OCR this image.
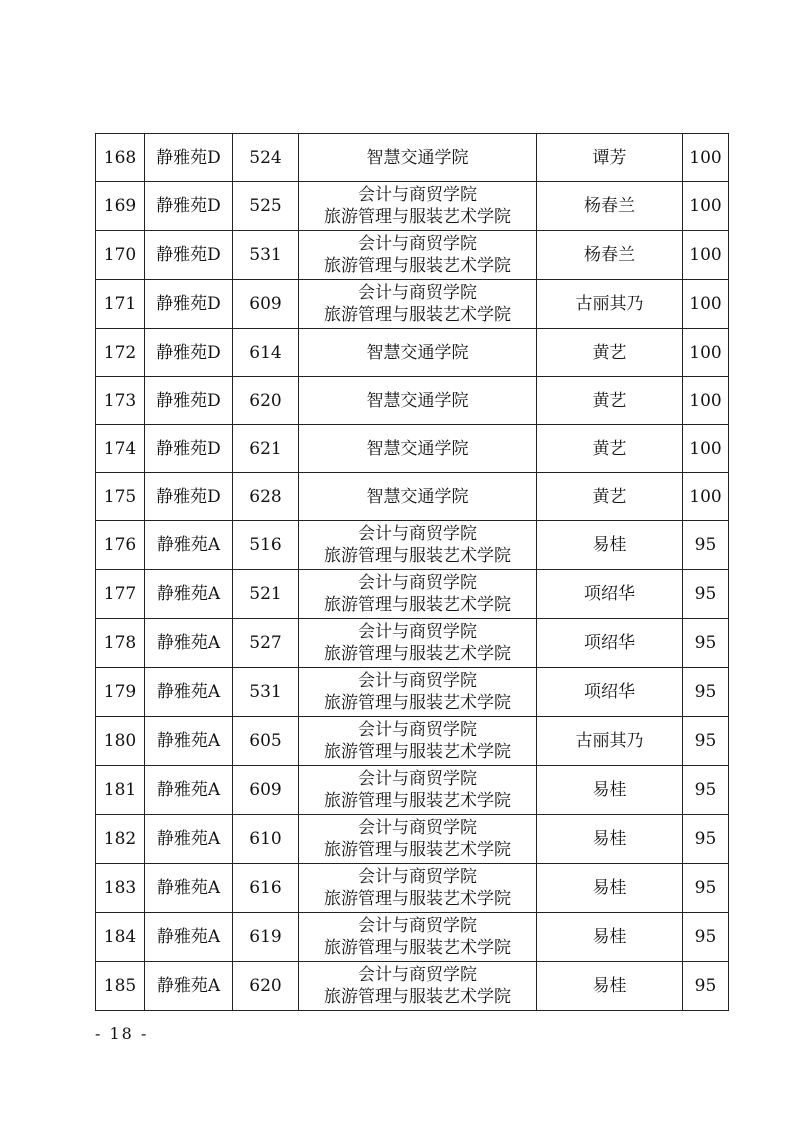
168	静雅苑D	524	智慧交通学院	谭芳	100
169	静雅苑D	525	会计与商贸学院
旅游管理与服装艺术学院	杨春兰	100
170	静雅苑D	531	会计与商贸学院
旅游管理与服装艺术学院	杨春兰	100
171	静雅苑D	609	会计与商贸学院
旅游管理与服装艺术学院	古丽其乃	100
172	静雅苑D	614	智慧交通学院	黄艺	100
173	静雅苑D	620	智慧交通学院	黄艺	100
174	静雅苑D	621	智慧交通学院	黄艺	100
175	静雅苑D	628	智慧交通学院	黄艺	100
176	静雅苑A	516	会计与商贸学院
旅游管理与服装艺术学院	易桂	95
177	静雅苑A	521	会计与商贸学院
旅游管理与服装艺术学院	项绍华	95
178	静雅苑A	527	会计与商贸学院
旅游管理与服装艺术学院	项绍华	95
179	静雅苑A	531	会计与商贸学院
旅游管理与服装艺术学院	项绍华	95
180	静雅苑A	605	会计与商贸学院
旅游管理与服装艺术学院	古丽其乃	95
181	静雅苑A	609	会计与商贸学院
旅游管理与服装艺术学院	易桂	95
182	静雅苑A	610	会计与商贸学院
旅游管理与服装艺术学院	易桂	95
183	静雅苑A	616	会计与商贸学院
旅游管理与服装艺术学院	易桂	95
184	静雅苑A	619	会计与商贸学院
旅游管理与服装艺术学院	易桂	95
185	静雅苑A	620	会计与商贸学院
旅游管理与服装艺术学院	易桂	95
- 18 -
